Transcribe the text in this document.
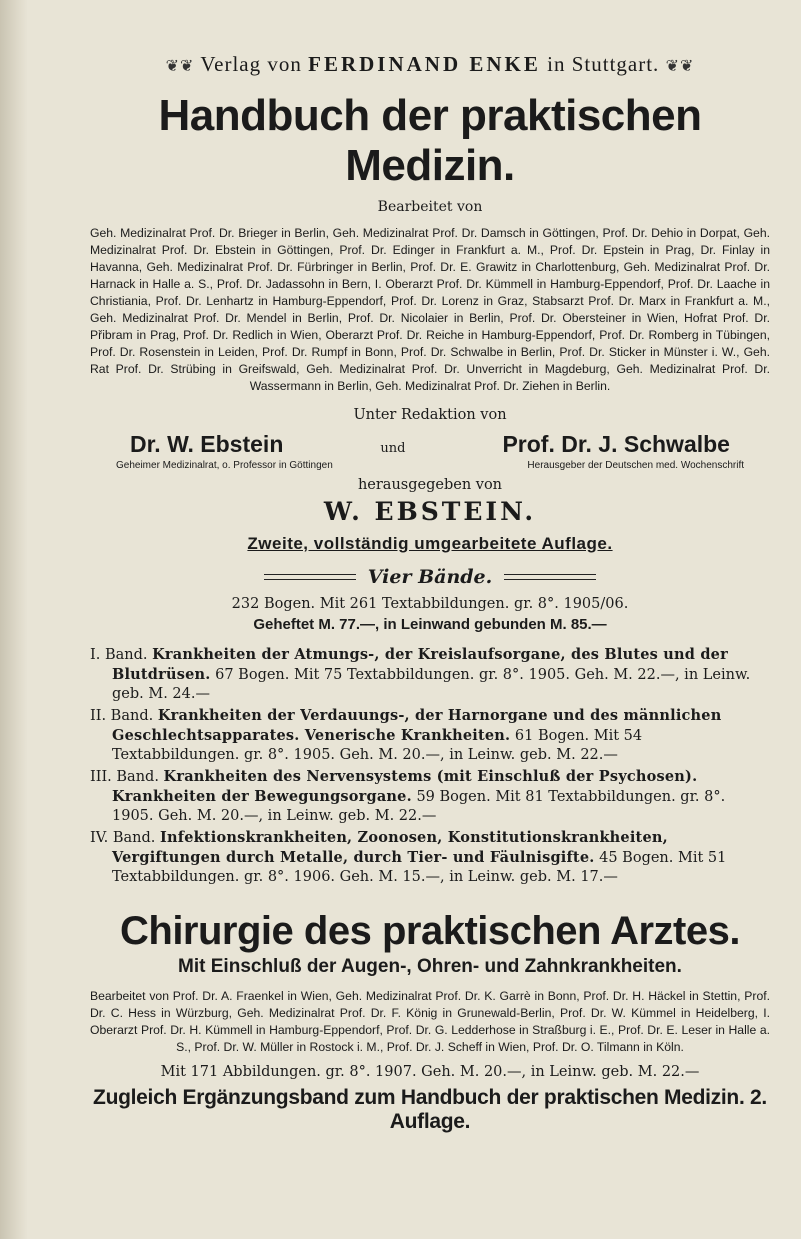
❦❦ Verlag von FERDINAND ENKE in Stuttgart. ❦❦
Handbuch der praktischen Medizin.
Bearbeitet von
Geh. Medizinalrat Prof. Dr. Brieger in Berlin, Geh. Medizinalrat Prof. Dr. Damsch in Göttingen, Prof. Dr. Dehio in Dorpat, Geh. Medizinalrat Prof. Dr. Ebstein in Göttingen, Prof. Dr. Edinger in Frankfurt a. M., Prof. Dr. Epstein in Prag, Dr. Finlay in Havanna, Geh. Medizinalrat Prof. Dr. Fürbringer in Berlin, Prof. Dr. E. Grawitz in Charlottenburg, Geh. Medizinalrat Prof. Dr. Harnack in Halle a. S., Prof. Dr. Jadassohn in Bern, I. Oberarzt Prof. Dr. Kümmell in Hamburg-Eppendorf, Prof. Dr. Laache in Christiania, Prof. Dr. Lenhartz in Hamburg-Eppendorf, Prof. Dr. Lorenz in Graz, Stabsarzt Prof. Dr. Marx in Frankfurt a. M., Geh. Medizinalrat Prof. Dr. Mendel in Berlin, Prof. Dr. Nicolaier in Berlin, Prof. Dr. Obersteiner in Wien, Hofrat Prof. Dr. Přibram in Prag, Prof. Dr. Redlich in Wien, Oberarzt Prof. Dr. Reiche in Hamburg-Eppendorf, Prof. Dr. Romberg in Tübingen, Prof. Dr. Rosenstein in Leiden, Prof. Dr. Rumpf in Bonn, Prof. Dr. Schwalbe in Berlin, Prof. Dr. Sticker in Münster i. W., Geh. Rat Prof. Dr. Strübing in Greifswald, Geh. Medizinalrat Prof. Dr. Unverricht in Magdeburg, Geh. Medizinalrat Prof. Dr. Wassermann in Berlin, Geh. Medizinalrat Prof. Dr. Ziehen in Berlin.
Unter Redaktion von
Dr. W. Ebstein	und	Prof. Dr. J. Schwalbe
Geheimer Medizinalrat, o. Professor in Göttingen	Herausgeber der Deutschen med. Wochenschrift
herausgegeben von
W. EBSTEIN.
Zweite, vollständig umgearbeitete Auflage.
Vier Bände.
232 Bogen. Mit 261 Textabbildungen. gr. 8°. 1905/06.
Geheftet M. 77.—, in Leinwand gebunden M. 85.—
I. Band. Krankheiten der Atmungs-, der Kreislaufsorgane, des Blutes und der Blutdrüsen. 67 Bogen. Mit 75 Textabbildungen. gr. 8°. 1905. Geh. M. 22.—, in Leinw. geb. M. 24.—
II. Band. Krankheiten der Verdauungs-, der Harnorgane und des männlichen Geschlechtsapparates. Venerische Krankheiten. 61 Bogen. Mit 54 Textabbildungen. gr. 8°. 1905. Geh. M. 20.—, in Leinw. geb. M. 22.—
III. Band. Krankheiten des Nervensystems (mit Einschluß der Psychosen). Krankheiten der Bewegungsorgane. 59 Bogen. Mit 81 Textabbildungen. gr. 8°. 1905. Geh. M. 20.—, in Leinw. geb. M. 22.—
IV. Band. Infektionskrankheiten, Zoonosen, Konstitutionskrankheiten, Vergiftungen durch Metalle, durch Tier- und Fäulnisgifte. 45 Bogen. Mit 51 Textabbildungen. gr. 8°. 1906. Geh. M. 15.—, in Leinw. geb. M. 17.—
Chirurgie des praktischen Arztes.
Mit Einschluß der Augen-, Ohren- und Zahnkrankheiten.
Bearbeitet von Prof. Dr. A. Fraenkel in Wien, Geh. Medizinalrat Prof. Dr. K. Garrè in Bonn, Prof. Dr. H. Häckel in Stettin, Prof. Dr. C. Hess in Würzburg, Geh. Medizinalrat Prof. Dr. F. König in Grunewald-Berlin, Prof. Dr. W. Kümmel in Heidelberg, I. Oberarzt Prof. Dr. H. Kümmell in Hamburg-Eppendorf, Prof. Dr. G. Ledderhose in Straßburg i. E., Prof. Dr. E. Leser in Halle a. S., Prof. Dr. W. Müller in Rostock i. M., Prof. Dr. J. Scheff in Wien, Prof. Dr. O. Tilmann in Köln.
Mit 171 Abbildungen. gr. 8°. 1907. Geh. M. 20.—, in Leinw. geb. M. 22.—
Zugleich Ergänzungsband zum Handbuch der praktischen Medizin. 2. Auflage.
